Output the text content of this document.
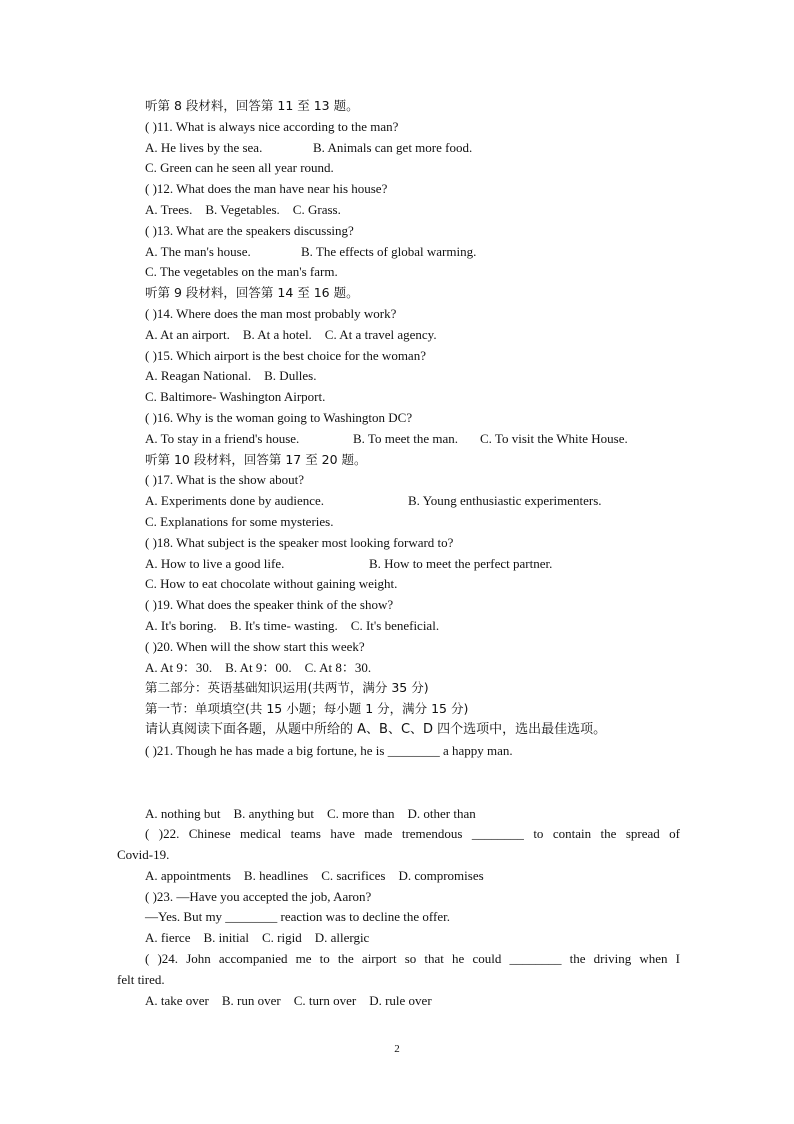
听第 8 段材料，回答第 11 至 13 题。
( )11. What is always nice according to the man?
A. He lives by the sea.	B. Animals can get more food.
C. Green can he seen all year round.
( )12. What does the man have near his house?
A. Trees.    B. Vegetables.    C. Grass.
( )13. What are the speakers discussing?
A. The man's house.	B. The effects of global warming.
C. The vegetables on the man's farm.
听第 9 段材料，回答第 14 至 16 题。
( )14. Where does the man most probably work?
A. At an airport.    B. At a hotel.    C. At a travel agency.
( )15. Which airport is the best choice for the woman?
A. Reagan National.    B. Dulles.
C. Baltimore- Washington Airport.
( )16. Why is the woman going to Washington DC?
A. To stay in a friend's house.	B. To meet the man. C. To visit the White House.
听第 10 段材料，回答第 17 至 20 题。
( )17. What is the show about?
A. Experiments done by audience.	B. Young enthusiastic experimenters.
C. Explanations for some mysteries.
( )18. What subject is the speaker most looking forward to?
A. How to live a good life.	B. How to meet the perfect partner.
C. How to eat chocolate without gaining weight.
( )19. What does the speaker think of the show?
A. It's boring.    B. It's time- wasting.    C. It's beneficial.
( )20. When will the show start this week?
A. At 9：30.    B. At 9：00.    C. At 8：30.
第二部分：英语基础知识运用(共两节，满分 35 分)
第一节：单项填空(共 15 小题；每小题 1 分，满分 15 分)
请认真阅读下面各题，从题中所给的 A、B、C、D 四个选项中，选出最佳选项。
( )21. Though he has made a big fortune, he is ________ a happy man.
A. nothing but    B. anything but    C. more than    D. other than
( )22. Chinese medical teams have made tremendous ________ to contain the spread of
Covid-19.
A. appointments    B. headlines    C. sacrifices    D. compromises
( )23. —Have you accepted the job, Aaron?
—Yes. But my ________ reaction was to decline the offer.
A. fierce    B. initial    C. rigid    D. allergic
( )24. John accompanied me to the airport so that he could ________ the driving when I
felt tired.
A. take over    B. run over    C. turn over    D. rule over
2
